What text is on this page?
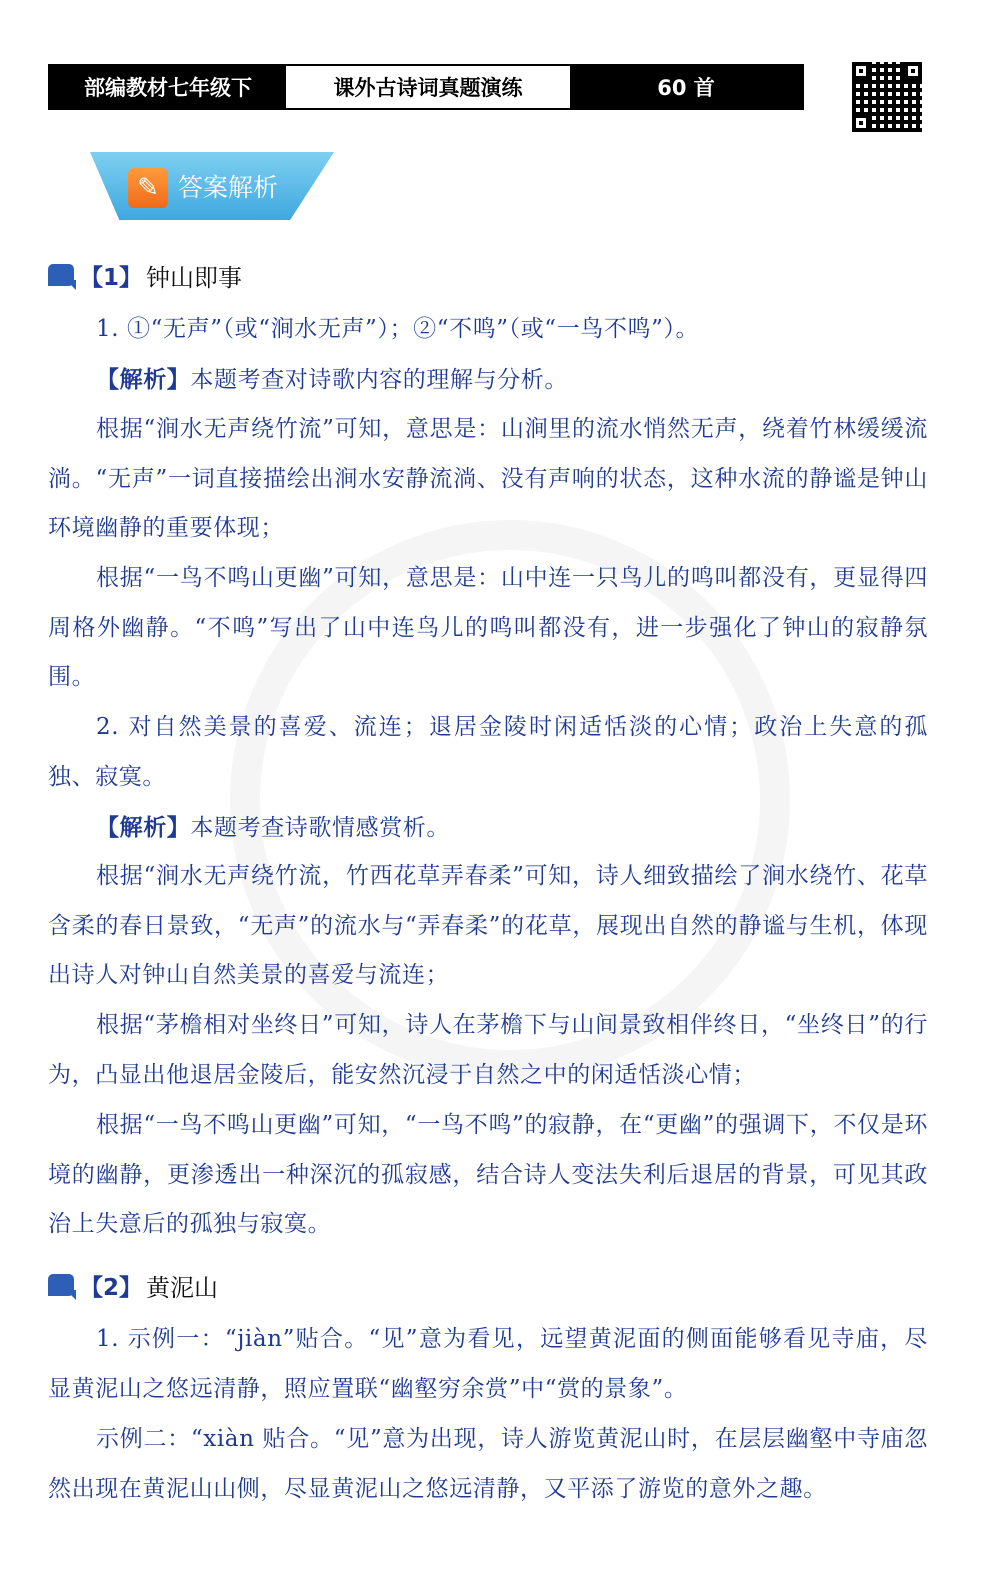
部编教材七年级下	课外古诗词真题演练	60 首
✎ 答案解析
【1】 钟山即事
1. ①“无声”（或“涧水无声”）；②“不鸣”（或“一鸟不鸣”）。
【解析】本题考查对诗歌内容的理解与分析。
根据“涧水无声绕竹流”可知，意思是：山涧里的流水悄然无声，绕着竹林缓缓流淌。“无声”一词直接描绘出涧水安静流淌、没有声响的状态，这种水流的静谧是钟山环境幽静的重要体现；
根据“一鸟不鸣山更幽”可知，意思是：山中连一只鸟儿的鸣叫都没有，更显得四周格外幽静。“不鸣”写出了山中连鸟儿的鸣叫都没有，进一步强化了钟山的寂静氛围。
2. 对自然美景的喜爱、流连；退居金陵时闲适恬淡的心情；政治上失意的孤独、寂寞。
【解析】本题考查诗歌情感赏析。
根据“涧水无声绕竹流，竹西花草弄春柔”可知，诗人细致描绘了涧水绕竹、花草含柔的春日景致，“无声”的流水与“弄春柔”的花草，展现出自然的静谧与生机，体现出诗人对钟山自然美景的喜爱与流连；
根据“茅檐相对坐终日”可知，诗人在茅檐下与山间景致相伴终日，“坐终日”的行为，凸显出他退居金陵后，能安然沉浸于自然之中的闲适恬淡心情；
根据“一鸟不鸣山更幽”可知，“一鸟不鸣”的寂静，在“更幽”的强调下，不仅是环境的幽静，更渗透出一种深沉的孤寂感，结合诗人变法失利后退居的背景，可见其政治上失意后的孤独与寂寞。
【2】 黄泥山
1. 示例一：“jiàn”贴合。“见”意为看见，远望黄泥面的侧面能够看见寺庙，尽显黄泥山之悠远清静，照应置联“幽壑穷余赏”中“赏的景象”。
示例二：“xiàn 贴合。“见”意为出现，诗人游览黄泥山时，在层层幽壑中寺庙忽然出现在黄泥山山侧，尽显黄泥山之悠远清静，又平添了游览的意外之趣。
